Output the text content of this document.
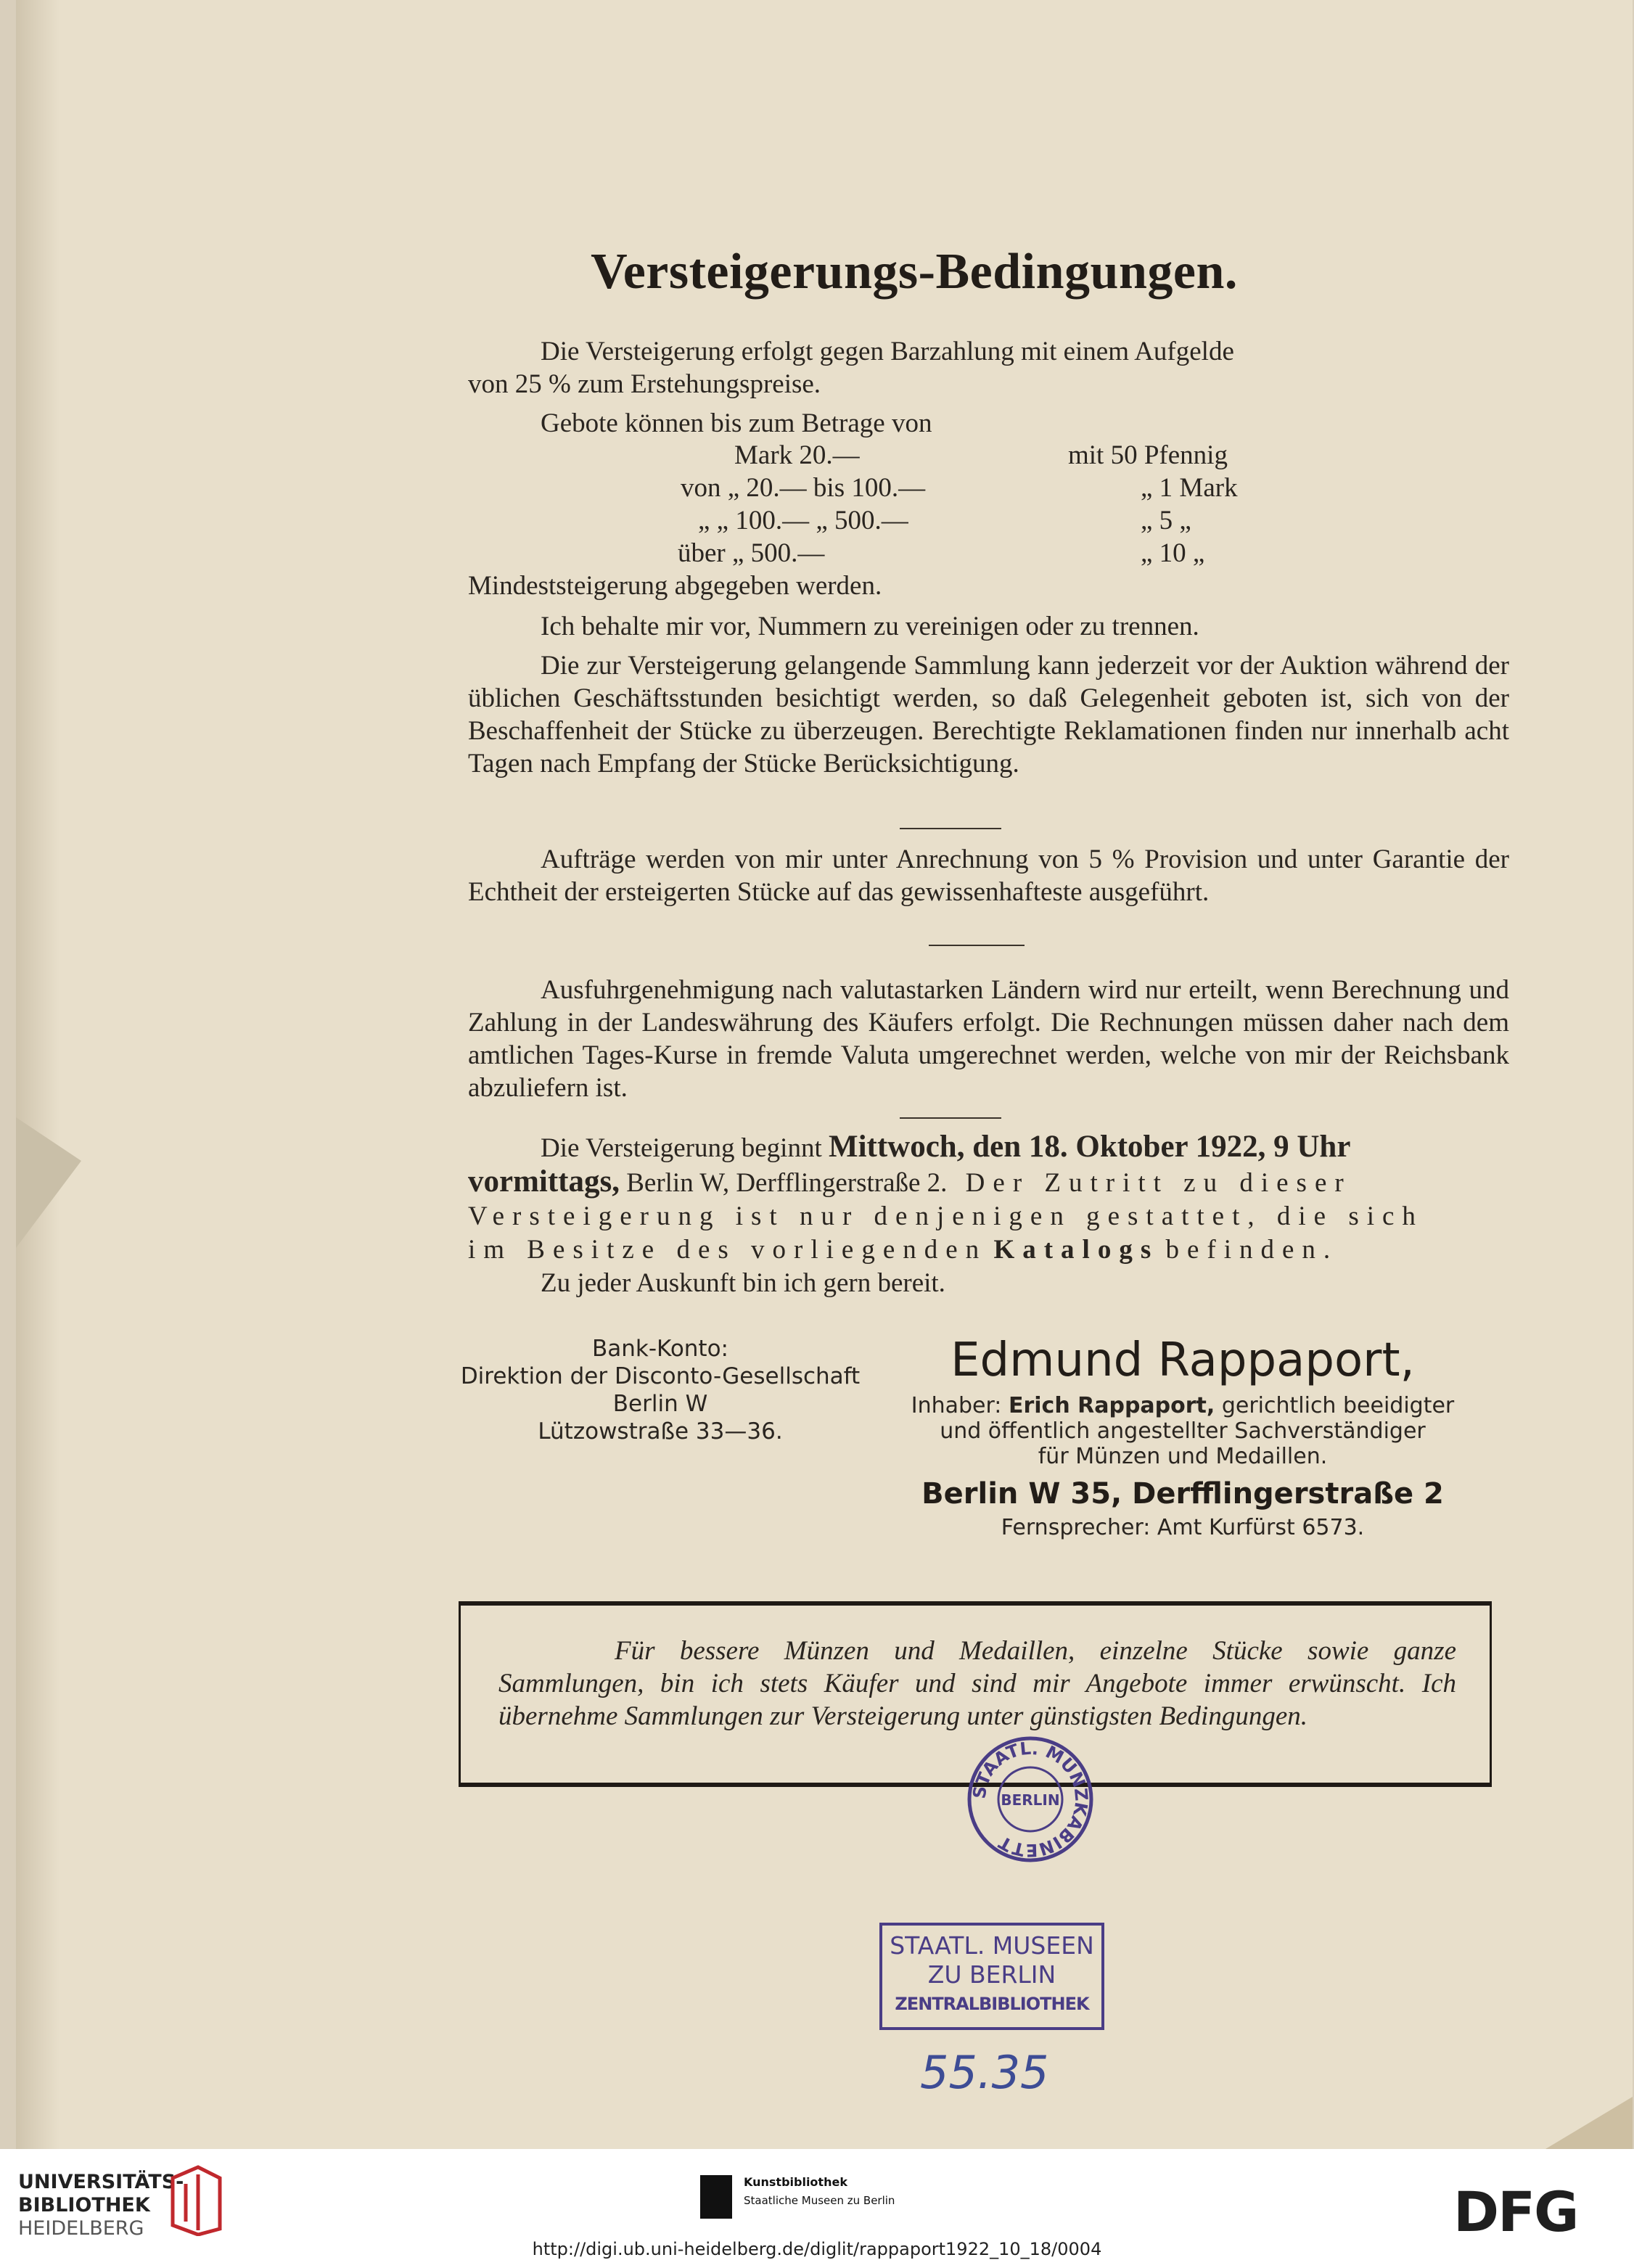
Versteigerungs-Bedingungen.
Die Versteigerung erfolgt gegen Barzahlung mit einem Aufgelde
von 25 % zum Erstehungspreise.
Gebote können bis zum Betrage von
Mark 20.—	mit 50 Pfennig
von „ 20.— bis 100.—	„ 1 Mark
„ „ 100.— „ 500.—	„ 5 „
über „ 500.—	„ 10 „
Mindeststeigerung abgegeben werden.
Ich behalte mir vor, Nummern zu vereinigen oder zu trennen.
Die zur Versteigerung gelangende Sammlung kann jederzeit vor der Auktion während der üblichen Geschäftsstunden besichtigt werden, so daß Gelegenheit geboten ist, sich von der Beschaffenheit der Stücke zu überzeugen. Berechtigte Reklamationen finden nur innerhalb acht Tagen nach Empfang der Stücke Berücksichtigung.
Aufträge werden von mir unter Anrechnung von 5 % Provision und unter Garantie der Echtheit der ersteigerten Stücke auf das gewissenhafteste ausgeführt.
Ausfuhrgenehmigung nach valutastarken Ländern wird nur erteilt, wenn Berechnung und Zahlung in der Landeswährung des Käufers erfolgt. Die Rechnungen müssen daher nach dem amtlichen Tages-Kurse in fremde Valuta umgerechnet werden, welche von mir der Reichsbank abzuliefern ist.
Die Versteigerung beginnt Mittwoch, den 18. Oktober 1922, 9 Uhr
vormittags, Berlin W, Derfflingerstraße 2. Der Zutritt zu dieser
Versteigerung ist nur denjenigen gestattet, die sich
im Besitze des vorliegenden Katalogs befinden.
Zu jeder Auskunft bin ich gern bereit.
Bank-Konto:
Direktion der Disconto-Gesellschaft
Berlin W
Lützowstraße 33—36.
Edmund Rappaport,
Inhaber: Erich Rappaport, gerichtlich beeidigter
und öffentlich angestellter Sachverständiger
für Münzen und Medaillen.
Berlin W 35, Derfflingerstraße 2
Fernsprecher: Amt Kurfürst 6573.
Für bessere Münzen und Medaillen, einzelne Stücke sowie ganze Sammlungen, bin ich stets Käufer und sind mir Angebote immer erwünscht. Ich übernehme Sammlungen zur Versteigerung unter günstigsten Bedingungen.
STAATL. MÜNZKABINETT
BERLIN
STAATL. MUSEEN
ZU BERLIN
ZENTRALBIBLIOTHEK
55.35
UNIVERSITÄTS-
BIBLIOTHEK
HEIDELBERG
Kunstbibliothek
Staatliche Museen zu Berlin	DFG
http://digi.ub.uni-heidelberg.de/diglit/rappaport1922_10_18/0004
